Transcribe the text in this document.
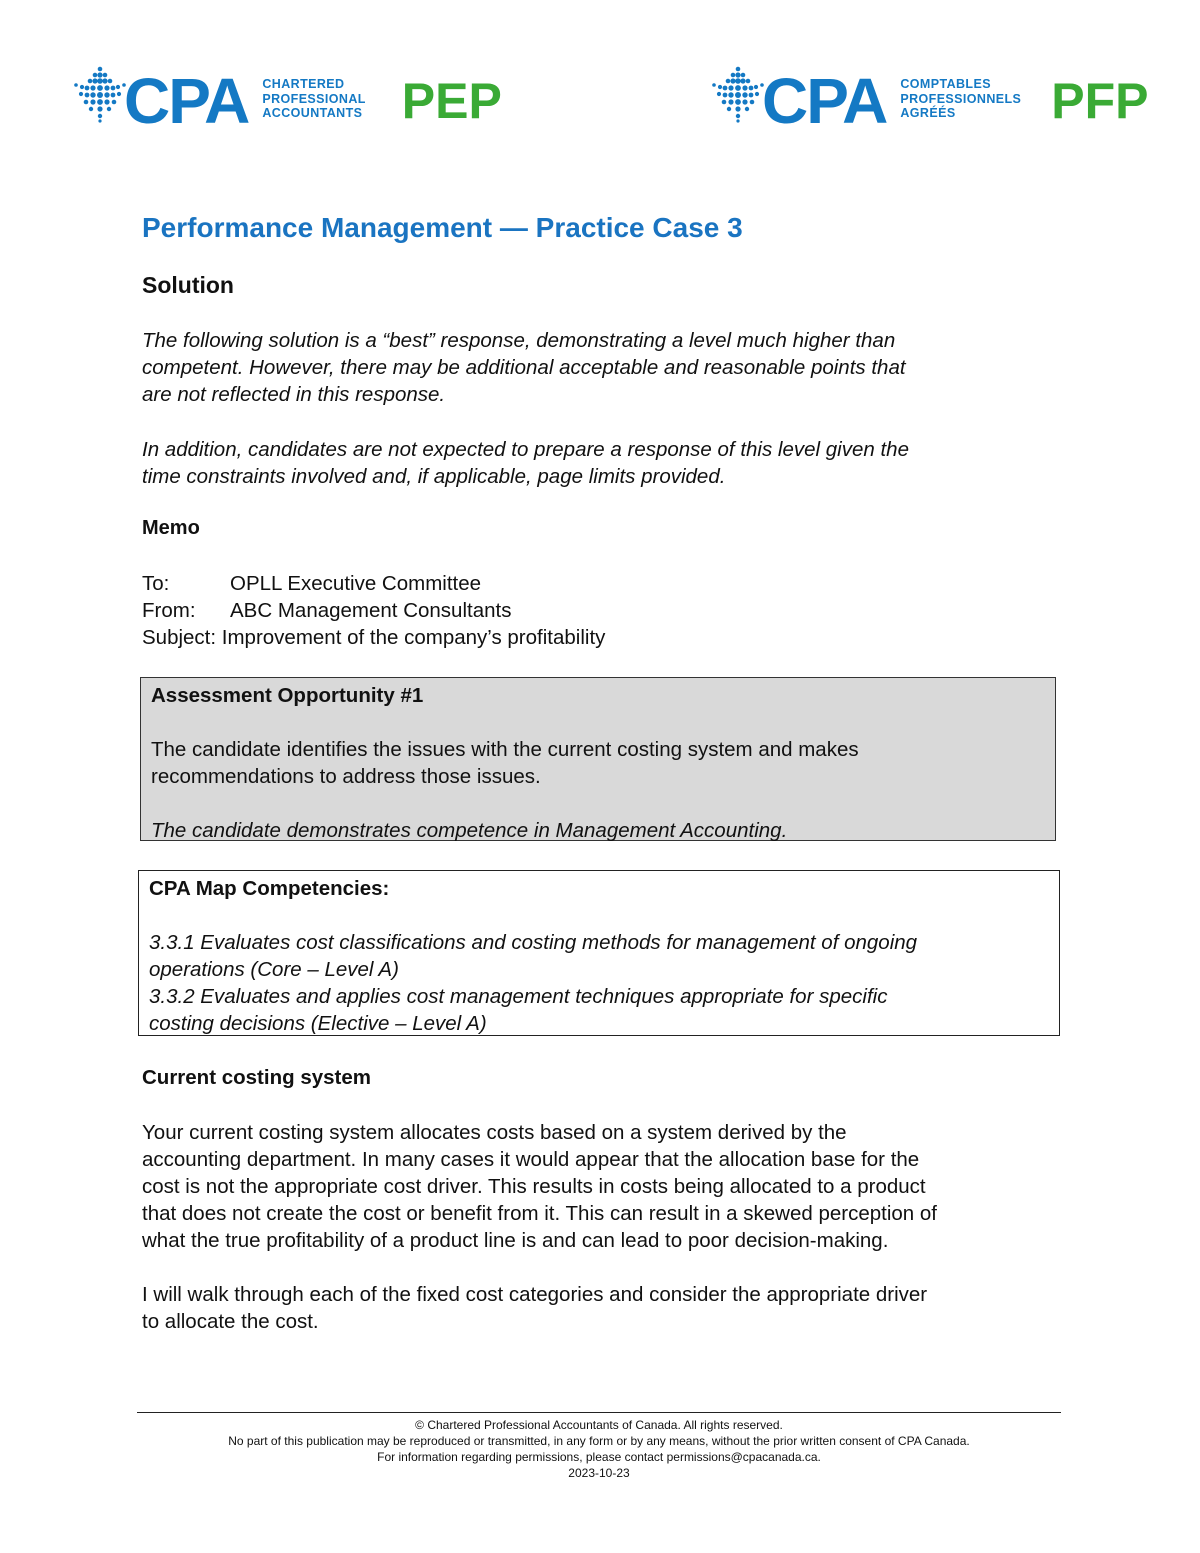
CPA CHARTERED
PROFESSIONAL
ACCOUNTANTS PEP	CPA COMPTABLES
PROFESSIONNELS
AGRÉÉS	PFP
Performance Management — Practice Case 3
Solution
The following solution is a “best” response, demonstrating a level much higher than
competent. However, there may be additional acceptable and reasonable points that
are not reflected in this response.
In addition, candidates are not expected to prepare a response of this level given the
time constraints involved and, if applicable, page limits provided.
Memo
To:	OPLL Executive Committee
From: ABC Management Consultants
Subject: Improvement of the company’s profitability
Assessment Opportunity #1
The candidate identifies the issues with the current costing system and makes
recommendations to address those issues.
The candidate demonstrates competence in Management Accounting.
CPA Map Competencies:
3.3.1 Evaluates cost classifications and costing methods for management of ongoing
operations (Core – Level A)
3.3.2 Evaluates and applies cost management techniques appropriate for specific
costing decisions (Elective – Level A)
Current costing system
Your current costing system allocates costs based on a system derived by the
accounting department. In many cases it would appear that the allocation base for the
cost is not the appropriate cost driver. This results in costs being allocated to a product
that does not create the cost or benefit from it. This can result in a skewed perception of
what the true profitability of a product line is and can lead to poor decision-making.
I will walk through each of the fixed cost categories and consider the appropriate driver
to allocate the cost.
© Chartered Professional Accountants of Canada. All rights reserved.
No part of this publication may be reproduced or transmitted, in any form or by any means, without the prior written consent of CPA Canada.
For information regarding permissions, please contact permissions@cpacanada.ca.
2023-10-23
